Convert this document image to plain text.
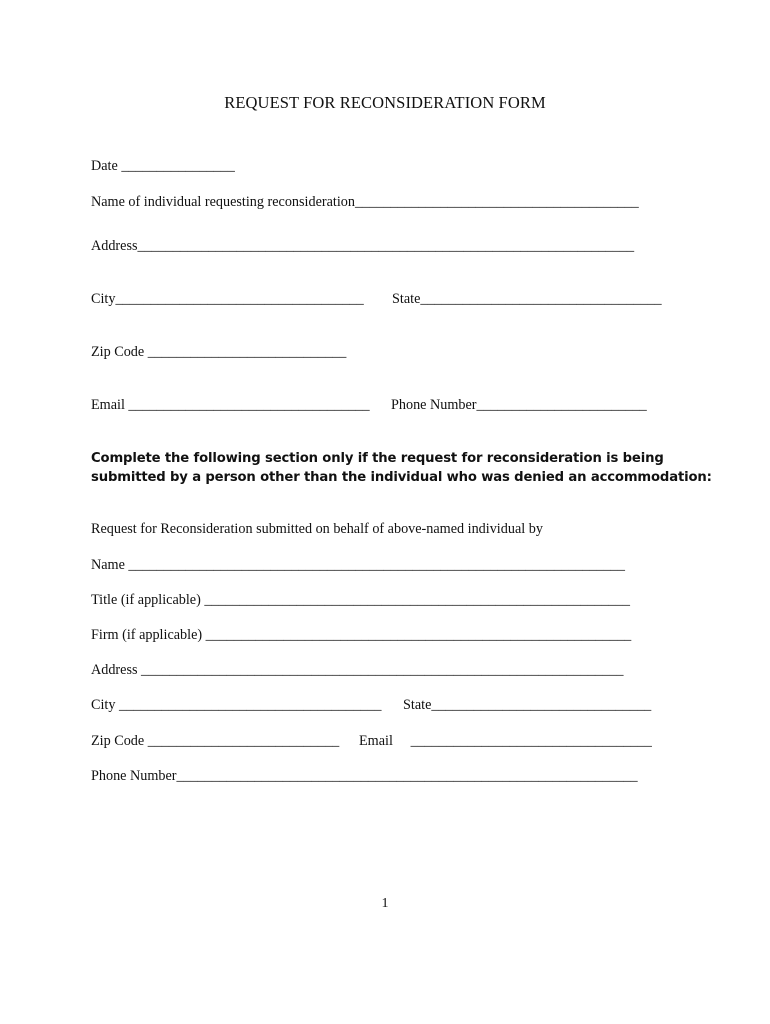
REQUEST FOR RECONSIDERATION FORM
Date ________________
Name of individual requesting reconsideration________________________________________
Address______________________________________________________________________
City___________________________________ State__________________________________
Zip Code ____________________________
Email __________________________________ Phone Number________________________
Complete the following section only if the request for reconsideration is being
submitted by a person other than the individual who was denied an accommodation:
Request for Reconsideration submitted on behalf of above-named individual by
Name ______________________________________________________________________
Title (if applicable) ____________________________________________________________
Firm (if applicable) ____________________________________________________________
Address ____________________________________________________________________
City _____________________________________ State_______________________________
Zip Code ___________________________ Email     __________________________________
Phone Number_________________________________________________________________
1
